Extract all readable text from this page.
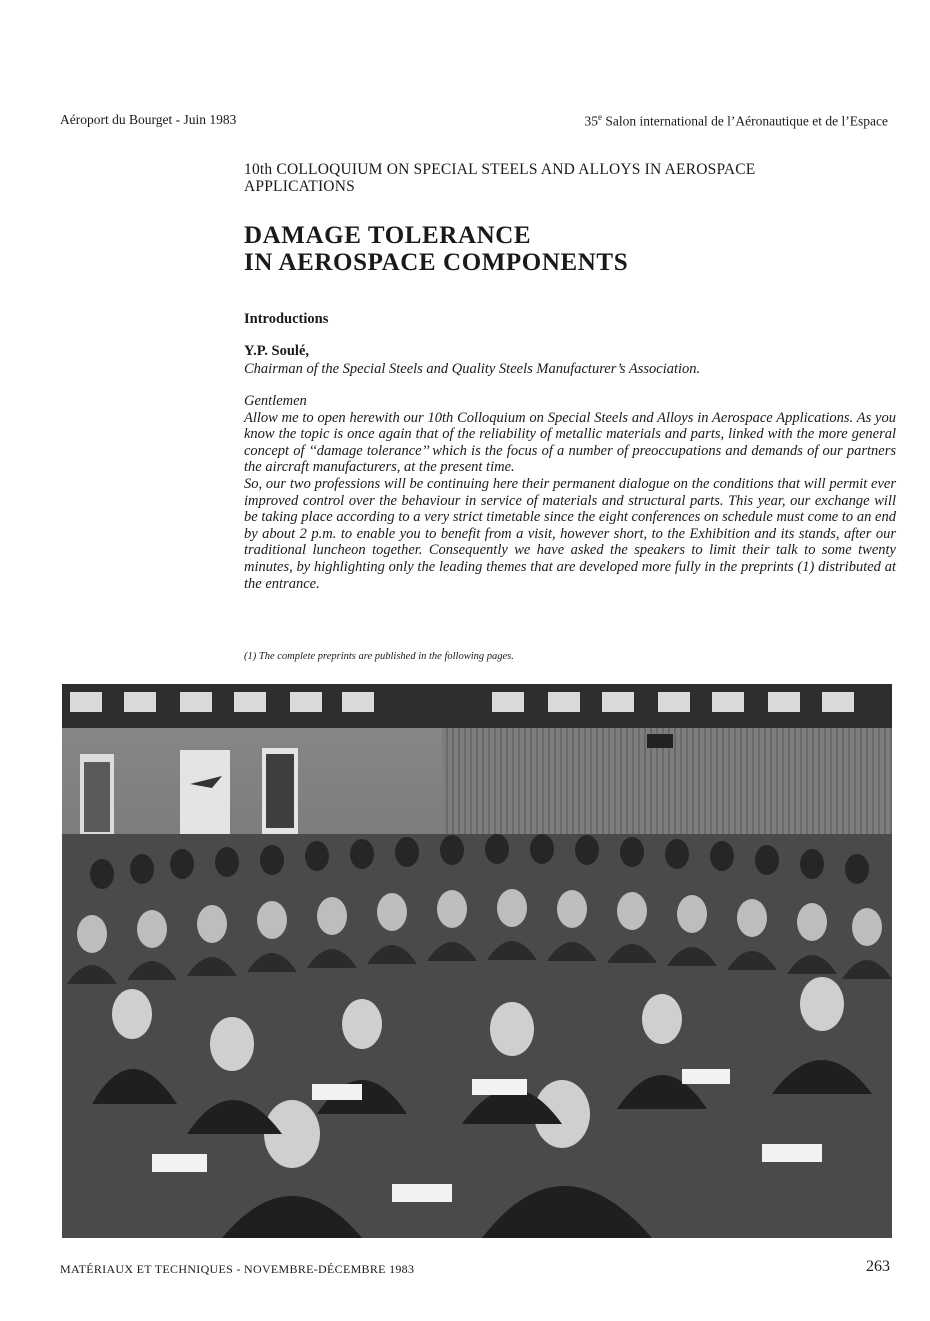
Aéroport du Bourget - Juin 1983	35e Salon international de l’Aéronautique et de l’Espace
10th COLLOQUIUM ON SPECIAL STEELS AND ALLOYS IN AEROSPACE
APPLICATIONS
DAMAGE TOLERANCE
IN AEROSPACE COMPONENTS
Introductions
Y.P. Soulé,
Chairman of the Special Steels and Quality Steels Manufacturer’s Association.

Gentlemen

Allow me to open herewith our 10th Colloquium on Special Steels and Alloys in Aerospace Applications. As you know the topic is once again that of the reliability of metallic materials and parts, linked with the more general concept of ‘‘damage tolerance’’ which is the focus of a number of preoccupations and demands of our partners the aircraft manufacturers, at the present time.

So, our two professions will be continuing here their permanent dialogue on the conditions that will permit ever improved control over the behaviour in service of materials and structural parts. This year, our exchange will be taking place according to a very strict timetable since the eight conferences on schedule must come to an end by about 2 p.m. to enable you to benefit from a visit, however short, to the Exhibition and its stands, after our traditional luncheon together. Consequently we have asked the speakers to limit their talk to some twenty minutes, by highlighting only the leading themes that are developed more fully in the preprints (1) distributed at the entrance.

(1) The complete preprints are published in the following pages.
MATÉRIAUX ET TECHNIQUES - NOVEMBRE-DÉCEMBRE 1983	263
